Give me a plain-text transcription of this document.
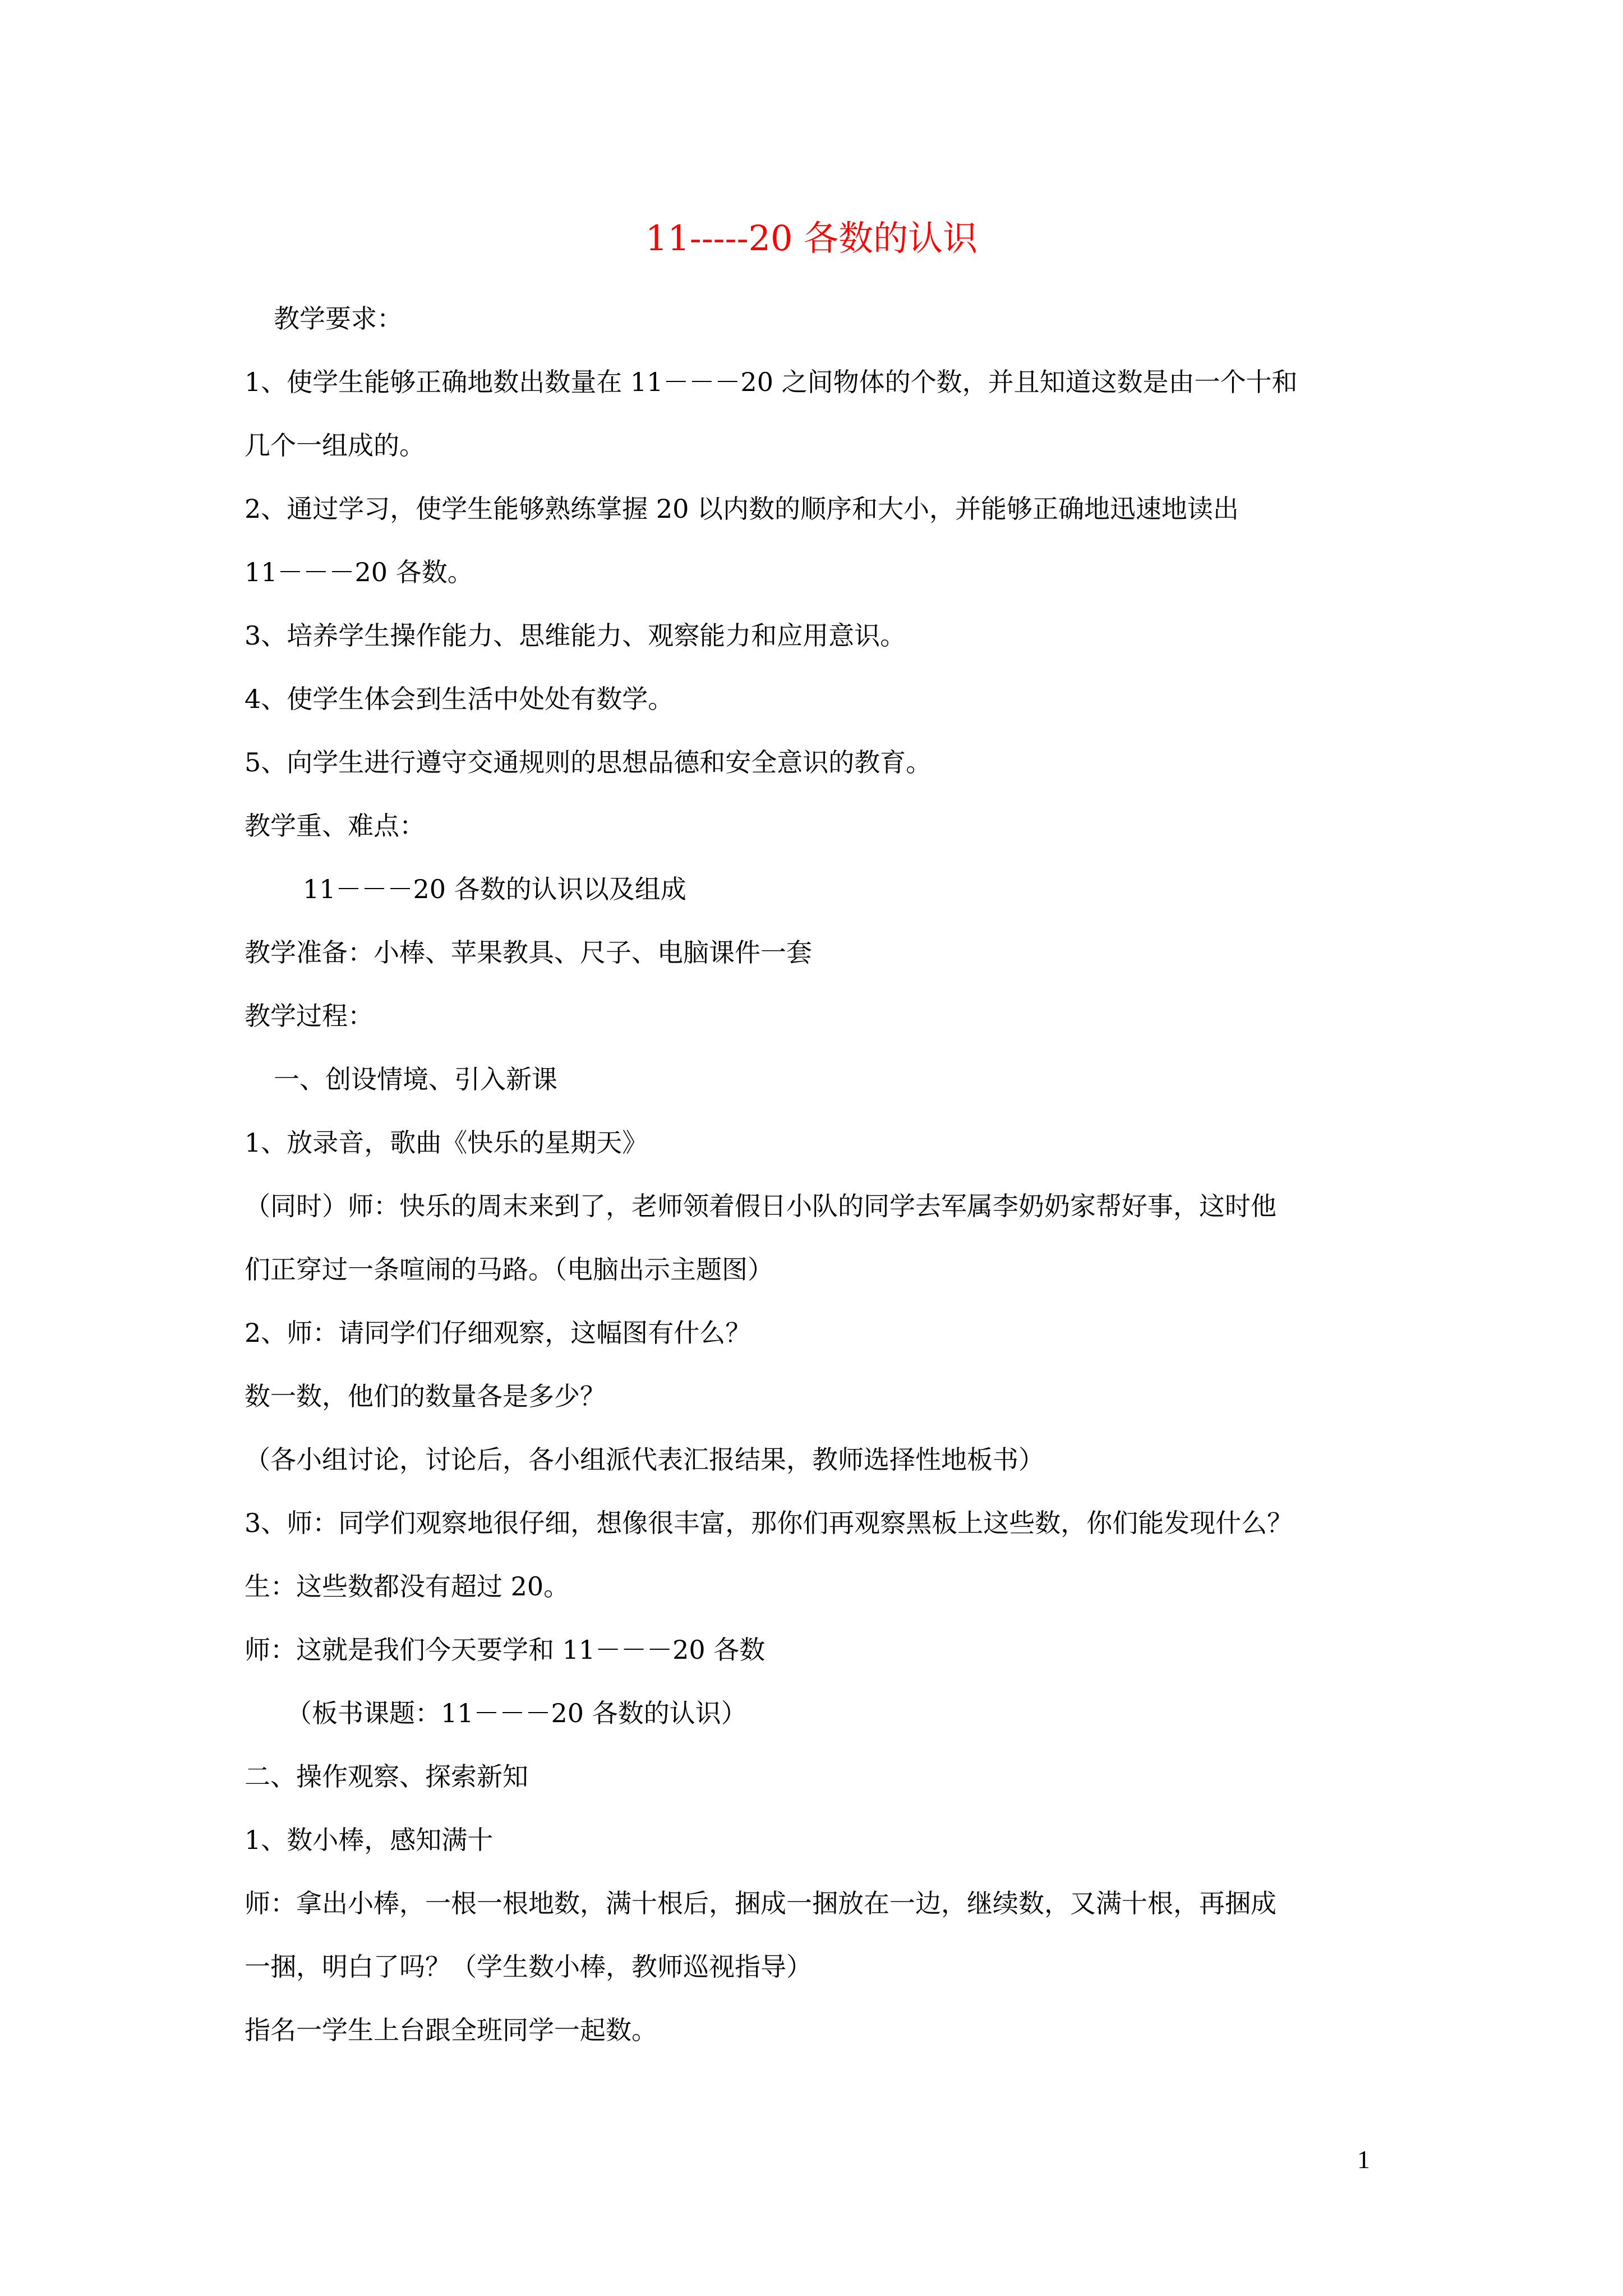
11-----20 各数的认识

教学要求：

1、使学生能够正确地数出数量在 11－－－20 之间物体的个数，并且知道这数是由一个十和

几个一组成的。

2、通过学习，使学生能够熟练掌握 20 以内数的顺序和大小，并能够正确地迅速地读出

11－－－20 各数。

3、培养学生操作能力、思维能力、观察能力和应用意识。

4、使学生体会到生活中处处有数学。

5、向学生进行遵守交通规则的思想品德和安全意识的教育。

教学重、难点：

11－－－20 各数的认识以及组成

教学准备：小棒、苹果教具、尺子、电脑课件一套

教学过程：

一、创设情境、引入新课

1、放录音，歌曲《快乐的星期天》

（同时）师：快乐的周末来到了，老师领着假日小队的同学去军属李奶奶家帮好事，这时他

们正穿过一条喧闹的马路。（电脑出示主题图）

2、师：请同学们仔细观察，这幅图有什么？

数一数，他们的数量各是多少？

（各小组讨论，讨论后，各小组派代表汇报结果，教师选择性地板书）

3、师：同学们观察地很仔细，想像很丰富，那你们再观察黑板上这些数，你们能发现什么？

生：这些数都没有超过 20。

师：这就是我们今天要学和 11－－－20 各数

（板书课题：11－－－20 各数的认识）

二、操作观察、探索新知

1、数小棒，感知满十

师：拿出小棒，一根一根地数，满十根后，捆成一捆放在一边，继续数，又满十根，再捆成

一捆，明白了吗？（学生数小棒，教师巡视指导）

指名一学生上台跟全班同学一起数。

1
